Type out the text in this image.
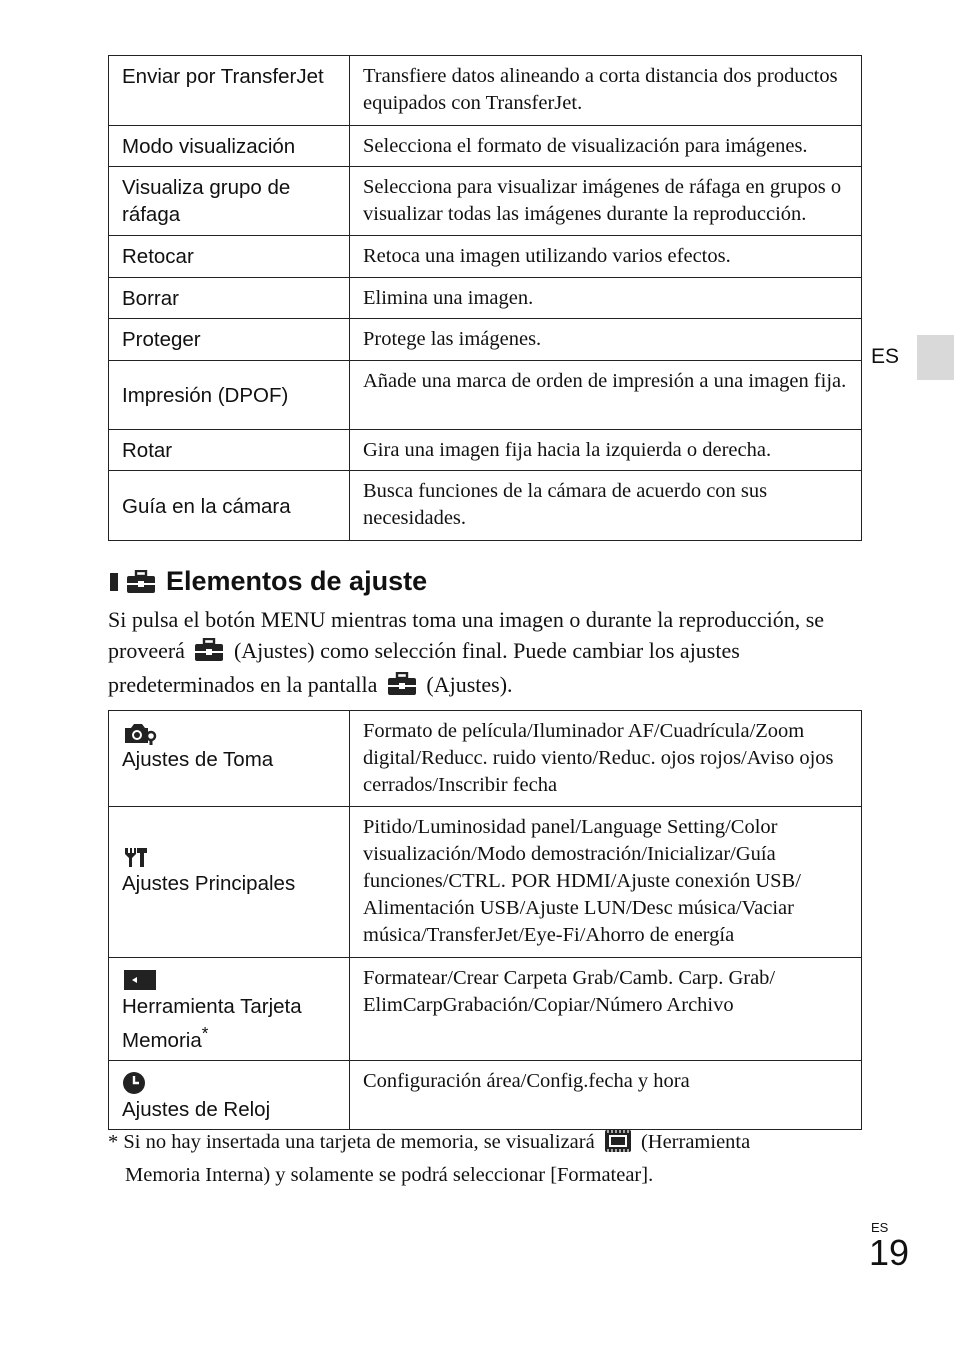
Enviar por TransferJet	Transfiere datos alineando a corta distancia dos productos equipados con TransferJet.
Modo visualización	Selecciona el formato de visualización para imágenes.
Visualiza grupo de ráfaga	Selecciona para visualizar imágenes de ráfaga en grupos o visualizar todas las imágenes durante la reproducción.
Retocar	Retoca una imagen utilizando varios efectos.
Borrar	Elimina una imagen.
Proteger	Protege las imágenes.
Impresión (DPOF)	Añade una marca de orden de impresión a una imagen fija.
Rotar	Gira una imagen fija hacia la izquierda o derecha.
Guía en la cámara	Busca funciones de la cámara de acuerdo con sus necesidades.
Elementos de ajuste
Si pulsa el botón MENU mientras toma una imagen o durante la reproducción, se proveerá (Ajustes) como selección final. Puede cambiar los ajustes predeterminados en la pantalla (Ajustes).
Ajustes de Toma	Formato de película/Iluminador AF/Cuadrícula/Zoom digital/Reducc. ruido viento/Reduc. ojos rojos/Aviso ojos cerrados/Inscribir fecha

Ajustes Principales	Pitido/Luminosidad panel/Language Setting/Color visualización/Modo demostración/Inicializar/Guía funciones/CTRL. POR HDMI/Ajuste conexión USB/ Alimentación USB/Ajuste LUN/Desc música/Vaciar música/TransferJet/Eye-Fi/Ahorro de energía

Herramienta Tarjeta Memoria*	Formatear/Crear Carpeta Grab/Camb. Carp. Grab/ ElimCarpGrabación/Copiar/Número Archivo

Ajustes de Reloj	Configuración área/Config.fecha y hora
* Si no hay insertada una tarjeta de memoria, se visualizará (Herramienta
Memoria Interna) y solamente se podrá seleccionar [Formatear].
ES
ES
19
